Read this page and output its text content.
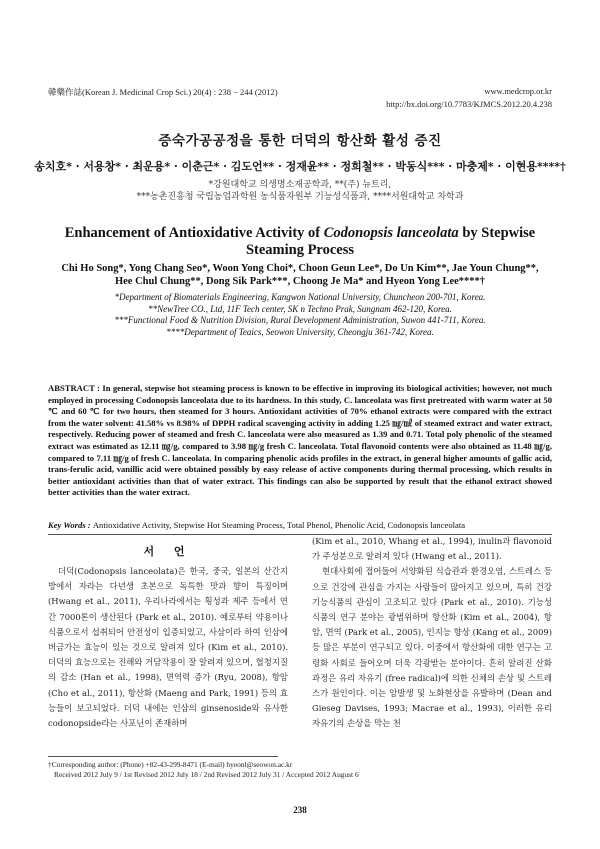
韓藥作誌(Korean J. Medicinal Crop Sci.) 20(4) : 238 − 244 (2012)	www.medcrop.or.kr
http://bx.doi.org/10.7783/KJMCS.2012.20.4.238
증숙가공공정을 통한 더덕의 항산화 활성 증진
송치호* · 서용창* · 최운용* · 이춘근* · 김도언** · 정재윤** · 정희철** · 박동식*** · 마충제* · 이현용****†
*강원대학교 의생명소재공학과, **(주) 뉴트리,
***농촌진흥청 국립농업과학원 농식품자원부 기능성식품과, ****서원대학교 차학과
Enhancement of Antioxidative Activity of Codonopsis lanceolata by Stepwise
Steaming Process
Chi Ho Song*, Yong Chang Seo*, Woon Yong Choi*, Choon Geun Lee*, Do Un Kim**, Jae Youn Chung**,
Hee Chul Chung**, Dong Sik Park***, Choong Je Ma* and Hyeon Yong Lee****†
*Department of Biomaterials Engineering, Kangwon National University, Chuncheon 200-701, Korea.
**NewTree CO., Ltd, 11F Tech center, SK n Techno Prak, Sungnam 462-120, Korea.
***Functional Food & Nutrition Division, Rural Development Administration, Suwon 441-711, Korea.
****Department of Teaics, Seowon University, Cheongju 361-742, Korea.
ABSTRACT : In general, stepwise hot steaming process is known to be effective in improving its biological activities; however, not much employed in processing Codonopsis lanceolata due to its hardness. In this study, C. lanceolata was first pretreated with warm water at 50 ℃ and 60 ℃ for two hours, then steamed for 3 hours. Antioxidant activities of 70% ethanol extracts were compared with the extract from the water solvent: 41.58% vs 8.98% of DPPH radical scavenging activity in adding 1.25 ㎎/㎖ of steamed extract and water extract, respectively. Reducing power of steamed and fresh C. lanceolata were also measured as 1.39 and 0.71. Total poly phenolic of the steamed extract was estimated as 12.11 ㎎/g, compared to 3.98 ㎎/g fresh C. lanceolata. Total flavonoid contents were also obtained as 11.48 ㎎/g, compared to 7.11 ㎎/g of fresh C. lanceolata. In comparing phenolic acids profiles in the extract, in general higher amounts of gallic acid, trans-ferulic acid, vanillic acid were obtained possibly by easy release of active components during thermal processing, which results in better antioxidant activities than that of water extract. This findings can also be supported by result that the ethanol extract showed better activities than the water extract.
Key Words : Antioxidative Activity, Stepwise Hot Steaming Process, Total Phenol, Phenolic Acid, Codonopsis lanceolata
서 언

더덕(Codonopsis lanceolata)은 한국, 중국, 일본의 산간지방에서 자라는 다년생 초본으로 독특한 맛과 향이 특징이며 (Hwang et al., 2011), 우리나라에서는 횡성과 제주 등에서 연간 7000톤이 생산된다 (Park et al., 2010). 예로부터 약용이나 식품으로서 섭취되어 안전성이 입증되었고, 사삼이라 하여 인삼에 버금가는 효능이 있는 것으로 알려져 있다 (Kim et al., 2010). 더덕의 효능으로는 진해와 거담작용이 잘 알려져 있으며, 혈청지질의 감소 (Han et al., 1998), 면역력 증가 (Ryu, 2008), 항암 (Cho et al., 2011), 항산화 (Maeng and Park, 1991) 등의 효능들이 보고되었다. 더덕 내에는 인삼의 ginsenoside와 유사한 codonopside라는 사포닌이 존재하며

(Kim et al., 2010, Whang et al., 1994), inulin과 flavonoid 가 주성분으로 알려져 있다 (Hwang et al., 2011).

현대사회에 접어들어 서양화된 식습관과 환경오염, 스트레스 등으로 건강에 관심을 가지는 사람들이 많아지고 있으며, 특히 건강기능식품의 관심이 고조되고 있다 (Park et al., 2010). 기능성 식품의 연구 분야는 광범위하며 항산화 (Kim et al., 2004), 항암, 면역 (Park et al., 2005), 인지능 향상 (Kang et al., 2009) 등 많은 부분이 연구되고 있다. 이중에서 항산화에 대한 연구는 고령화 사회로 들어오며 더욱 각광받는 분야이다. 흔히 알려진 산화과정은 유리 자유기 (free radical)에 의한 신체의 손상 및 스트레스가 원인이다. 이는 암발생 및 노화현상을 유발하며 (Dean and Gieseg Davises, 1993; Macrae et al., 1993), 이러한 유리 자유기의 손상을 막는 천

†Corresponding author: (Phone) +82-43-299-8471 (E-mail) hyeonl@seowon.ac.kr
Received 2012 July 9 / 1st Revised 2012 July 18 / 2nd Revised 2012 July 31 / Accepted 2012 August 6
238
